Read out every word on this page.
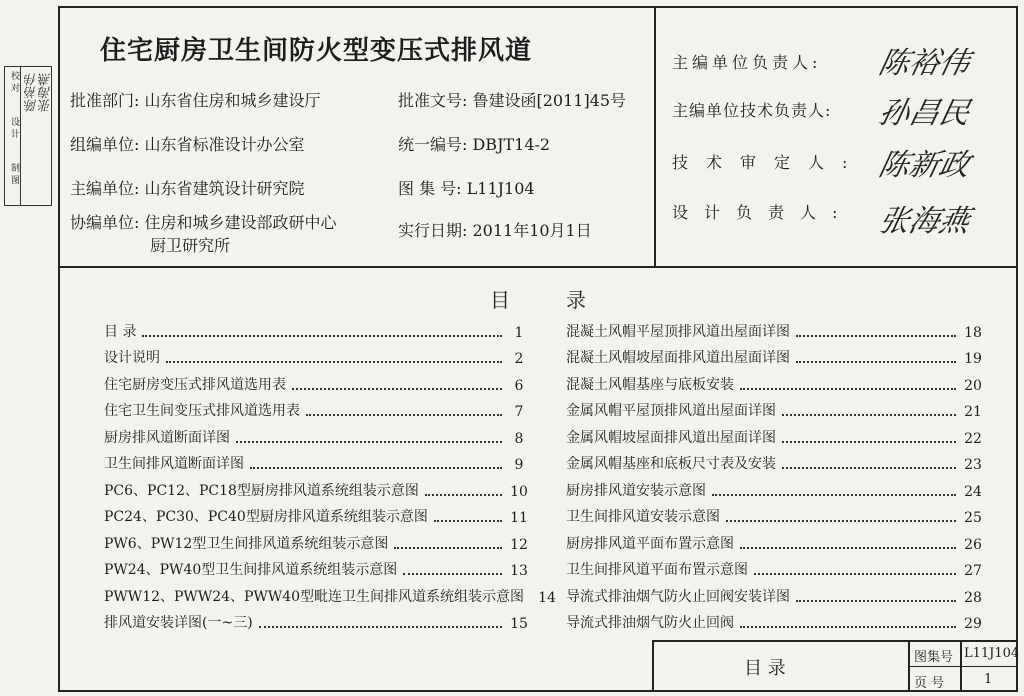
校 对
设 计
制 图
陈裕伟 张海燕
住宅厨房卫生间防火型变压式排风道
批准部门: 山东省住房和城乡建设厅	批准文号: 鲁建设函[2011]45号
组编单位: 山东省标准设计办公室	统一编号: DBJT14-2
主编单位: 山东省建筑设计研究院	图 集 号: L11J104
协编单位: 住房和城乡建设部政研中心
厨卫研究所
实行日期: 2011年10月1日
主编单位负责人: 陈裕伟
主编单位技术负责人: 孙昌民
技术审定人: 陈新政
设计负责人: 张海燕
目录
目 录	1
设计说明	2
住宅厨房变压式排风道选用表	6
住宅卫生间变压式排风道选用表	7
厨房排风道断面详图	8
卫生间排风道断面详图	9
PC6、PC12、PC18型厨房排风道系统组装示意图	10
PC24、PC30、PC40型厨房排风道系统组装示意图	11
PW6、PW12型卫生间排风道系统组装示意图	12
PW24、PW40型卫生间排风道系统组装示意图	13
PWW12、PWW24、PWW40型毗连卫生间排风道系统组装示意图 14
排风道安装详图(一~三)	15
混凝土风帽平屋顶排风道出屋面详图	18
混凝土风帽坡屋面排风道出屋面详图	19
混凝土风帽基座与底板安装	20
金属风帽平屋顶排风道出屋面详图	21
金属风帽坡屋面排风道出屋面详图	22
金属风帽基座和底板尺寸表及安装	23
厨房排风道安装示意图	24
卫生间排风道安装示意图	25
厨房排风道平面布置示意图	26
卫生间排风道平面布置示意图	27
导流式排油烟气防火止回阀安装详图	28
导流式排油烟气防火止回阀	29
目 录
图集号 L11J104
页 号	1
